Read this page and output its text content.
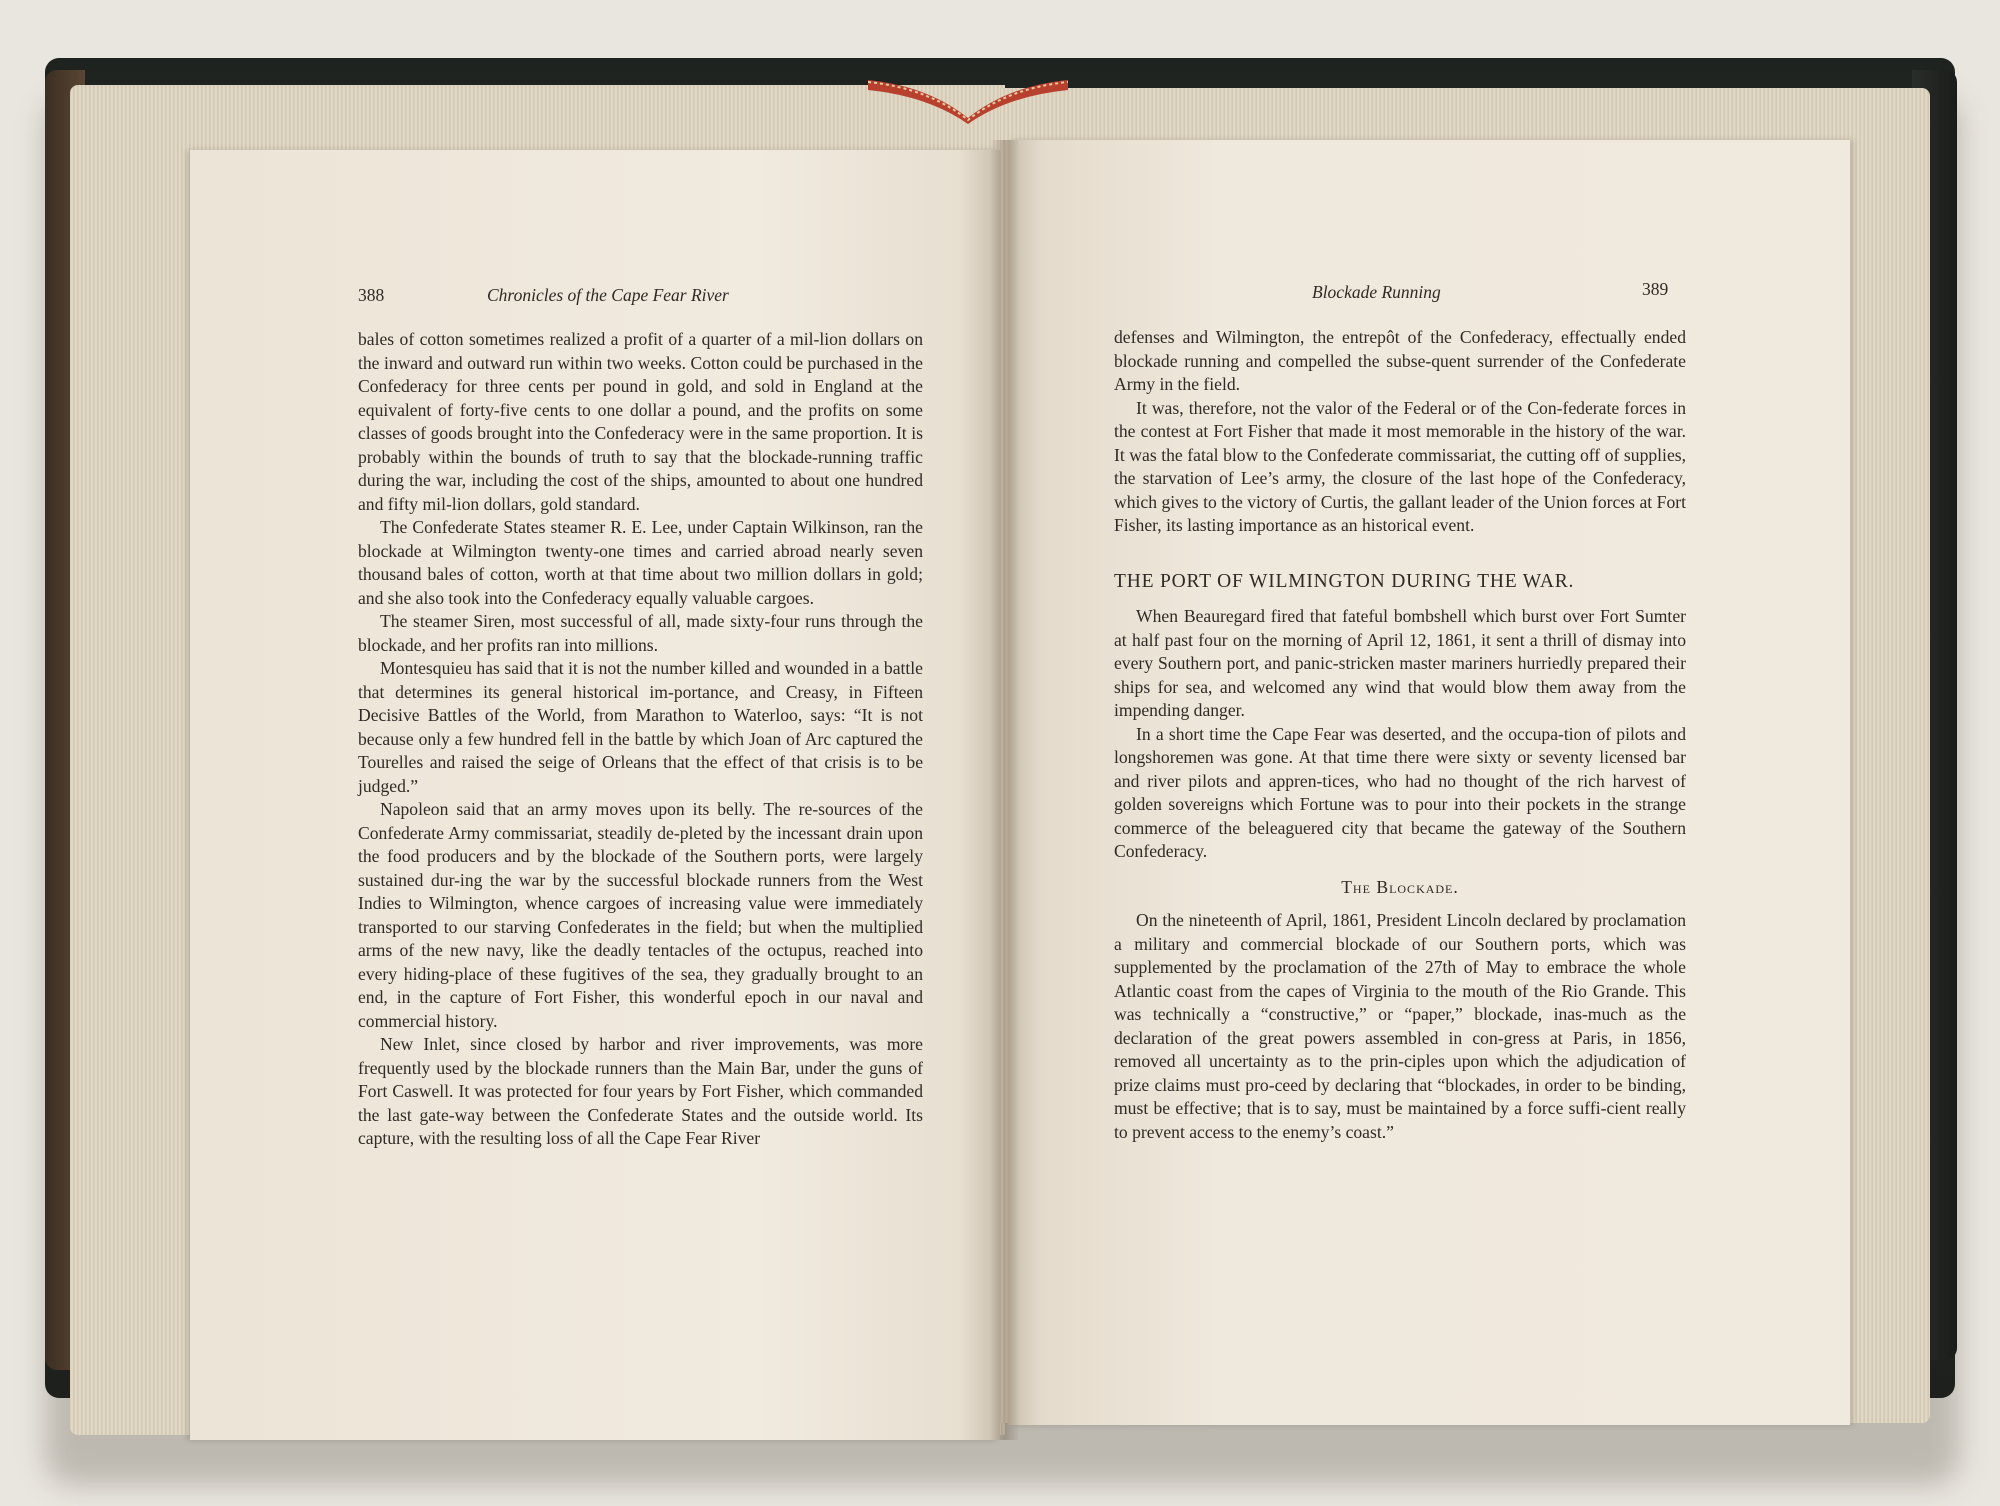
388	Chronicles of the Cape Fear River

bales of cotton sometimes realized a profit of a quarter of a mil-lion dollars on the inward and outward run within two weeks. Cotton could be purchased in the Confederacy for three cents per pound in gold, and sold in England at the equivalent of forty-five cents to one dollar a pound, and the profits on some classes of goods brought into the Confederacy were in the same proportion. It is probably within the bounds of truth to say that the blockade-running traffic during the war, including the cost of the ships, amounted to about one hundred and fifty mil-lion dollars, gold standard.

The Confederate States steamer R. E. Lee, under Captain Wilkinson, ran the blockade at Wilmington twenty-one times and carried abroad nearly seven thousand bales of cotton, worth at that time about two million dollars in gold; and she also took into the Confederacy equally valuable cargoes.

The steamer Siren, most successful of all, made sixty-four runs through the blockade, and her profits ran into millions.

Montesquieu has said that it is not the number killed and wounded in a battle that determines its general historical im-portance, and Creasy, in Fifteen Decisive Battles of the World, from Marathon to Waterloo, says: “It is not because only a few hundred fell in the battle by which Joan of Arc captured the Tourelles and raised the seige of Orleans that the effect of that crisis is to be judged.”

Napoleon said that an army moves upon its belly. The re-sources of the Confederate Army commissariat, steadily de-pleted by the incessant drain upon the food producers and by the blockade of the Southern ports, were largely sustained dur-ing the war by the successful blockade runners from the West Indies to Wilmington, whence cargoes of increasing value were immediately transported to our starving Confederates in the field; but when the multiplied arms of the new navy, like the deadly tentacles of the octupus, reached into every hiding-place of these fugitives of the sea, they gradually brought to an end, in the capture of Fort Fisher, this wonderful epoch in our naval and commercial history.

New Inlet, since closed by harbor and river improvements, was more frequently used by the blockade runners than the Main Bar, under the guns of Fort Caswell. It was protected for four years by Fort Fisher, which commanded the last gate-way between the Confederate States and the outside world. Its capture, with the resulting loss of all the Cape Fear River

Blockade Running	389

defenses and Wilmington, the entrepôt of the Confederacy, effectually ended blockade running and compelled the subse-quent surrender of the Confederate Army in the field.

It was, therefore, not the valor of the Federal or of the Con-federate forces in the contest at Fort Fisher that made it most memorable in the history of the war. It was the fatal blow to the Confederate commissariat, the cutting off of supplies, the starvation of Lee’s army, the closure of the last hope of the Confederacy, which gives to the victory of Curtis, the gallant leader of the Union forces at Fort Fisher, its lasting importance as an historical event.

THE PORT OF WILMINGTON DURING THE WAR.

When Beauregard fired that fateful bombshell which burst over Fort Sumter at half past four on the morning of April 12, 1861, it sent a thrill of dismay into every Southern port, and panic-stricken master mariners hurriedly prepared their ships for sea, and welcomed any wind that would blow them away from the impending danger.

In a short time the Cape Fear was deserted, and the occupa-tion of pilots and longshoremen was gone. At that time there were sixty or seventy licensed bar and river pilots and appren-tices, who had no thought of the rich harvest of golden sovereigns which Fortune was to pour into their pockets in the strange commerce of the beleaguered city that became the gateway of the Southern Confederacy.

The Blockade.

On the nineteenth of April, 1861, President Lincoln declared by proclamation a military and commercial blockade of our Southern ports, which was supplemented by the proclamation of the 27th of May to embrace the whole Atlantic coast from the capes of Virginia to the mouth of the Rio Grande. This was technically a “constructive,” or “paper,” blockade, inas-much as the declaration of the great powers assembled in con-gress at Paris, in 1856, removed all uncertainty as to the prin-ciples upon which the adjudication of prize claims must pro-ceed by declaring that “blockades, in order to be binding, must be effective; that is to say, must be maintained by a force suffi-cient really to prevent access to the enemy’s coast.”
